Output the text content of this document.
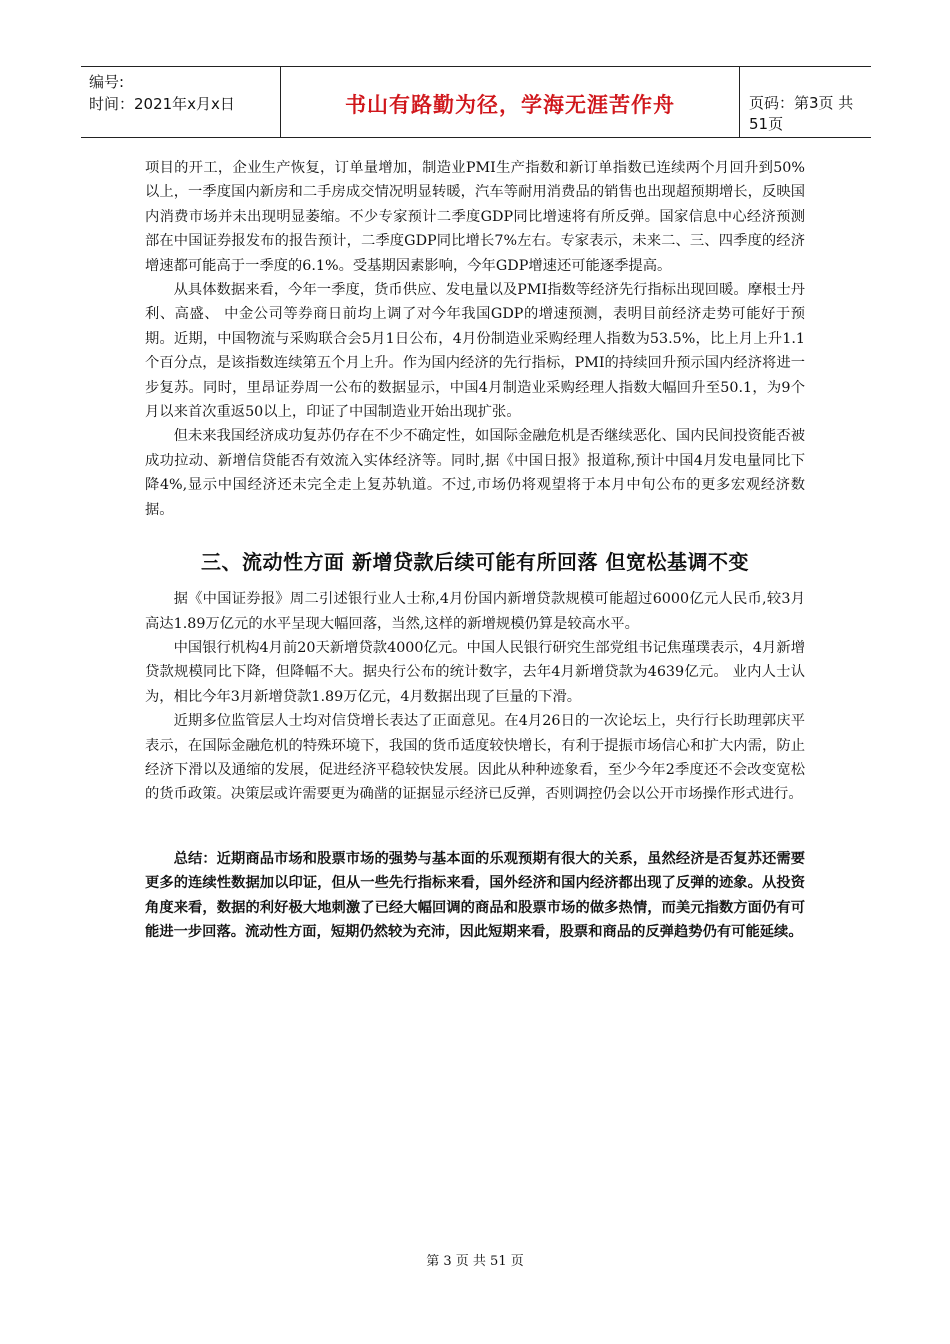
编号:
时间：2021年x月x日	书山有路勤为径，学海无涯苦作舟	页码：第3页 共51页

项目的开工，企业生产恢复，订单量增加，制造业PMI生产指数和新订单指数已连续两个月回升到50%以上，一季度国内新房和二手房成交情况明显转暖，汽车等耐用消费品的销售也出现超预期增长，反映国内消费市场并未出现明显萎缩。不少专家预计二季度GDP同比增速将有所反弹。国家信息中心经济预测部在中国证券报发布的报告预计，二季度GDP同比增长7%左右。专家表示，未来二、三、四季度的经济增速都可能高于一季度的6.1%。受基期因素影响，今年GDP增速还可能逐季提高。

从具体数据来看，今年一季度，货币供应、发电量以及PMI指数等经济先行指标出现回暖。摩根士丹利、高盛、 中金公司等券商日前均上调了对今年我国GDP的增速预测，表明目前经济走势可能好于预期。近期，中国物流与采购联合会5月1日公布，4月份制造业采购经理人指数为53.5%，比上月上升1.1个百分点，是该指数连续第五个月上升。作为国内经济的先行指标，PMI的持续回升预示国内经济将进一步复苏。同时，里昂证券周一公布的数据显示，中国4月制造业采购经理人指数大幅回升至50.1，为9个月以来首次重返50以上，印证了中国制造业开始出现扩张。

但未来我国经济成功复苏仍存在不少不确定性，如国际金融危机是否继续恶化、国内民间投资能否被成功拉动、新增信贷能否有效流入实体经济等。同时,据《中国日报》报道称,预计中国4月发电量同比下降4%,显示中国经济还未完全走上复苏轨道。不过,市场仍将观望将于本月中旬公布的更多宏观经济数据。

三、流动性方面 新增贷款后续可能有所回落 但宽松基调不变

据《中国证券报》周二引述银行业人士称,4月份国内新增贷款规模可能超过6000亿元人民币,较3月高达1.89万亿元的水平呈现大幅回落，当然,这样的新增规模仍算是较高水平。

中国银行机构4月前20天新增贷款4000亿元。中国人民银行研究生部党组书记焦瑾璞表示，4月新增贷款规模同比下降，但降幅不大。据央行公布的统计数字，去年4月新增贷款为4639亿元。 业内人士认为，相比今年3月新增贷款1.89万亿元，4月数据出现了巨量的下滑。

近期多位监管层人士均对信贷增长表达了正面意见。在4月26日的一次论坛上，央行行长助理郭庆平表示，在国际金融危机的特殊环境下，我国的货币适度较快增长，有利于提振市场信心和扩大内需，防止经济下滑以及通缩的发展，促进经济平稳较快发展。因此从种种迹象看，至少今年2季度还不会改变宽松的货币政策。决策层或许需要更为确凿的证据显示经济已反弹，否则调控仍会以公开市场操作形式进行。

总结：近期商品市场和股票市场的强势与基本面的乐观预期有很大的关系，虽然经济是否复苏还需要更多的连续性数据加以印证，但从一些先行指标来看，国外经济和国内经济都出现了反弹的迹象。从投资角度来看，数据的利好极大地刺激了已经大幅回调的商品和股票市场的做多热情，而美元指数方面仍有可能进一步回落。流动性方面，短期仍然较为充沛，因此短期来看，股票和商品的反弹趋势仍有可能延续。

第 3 页 共 51 页
